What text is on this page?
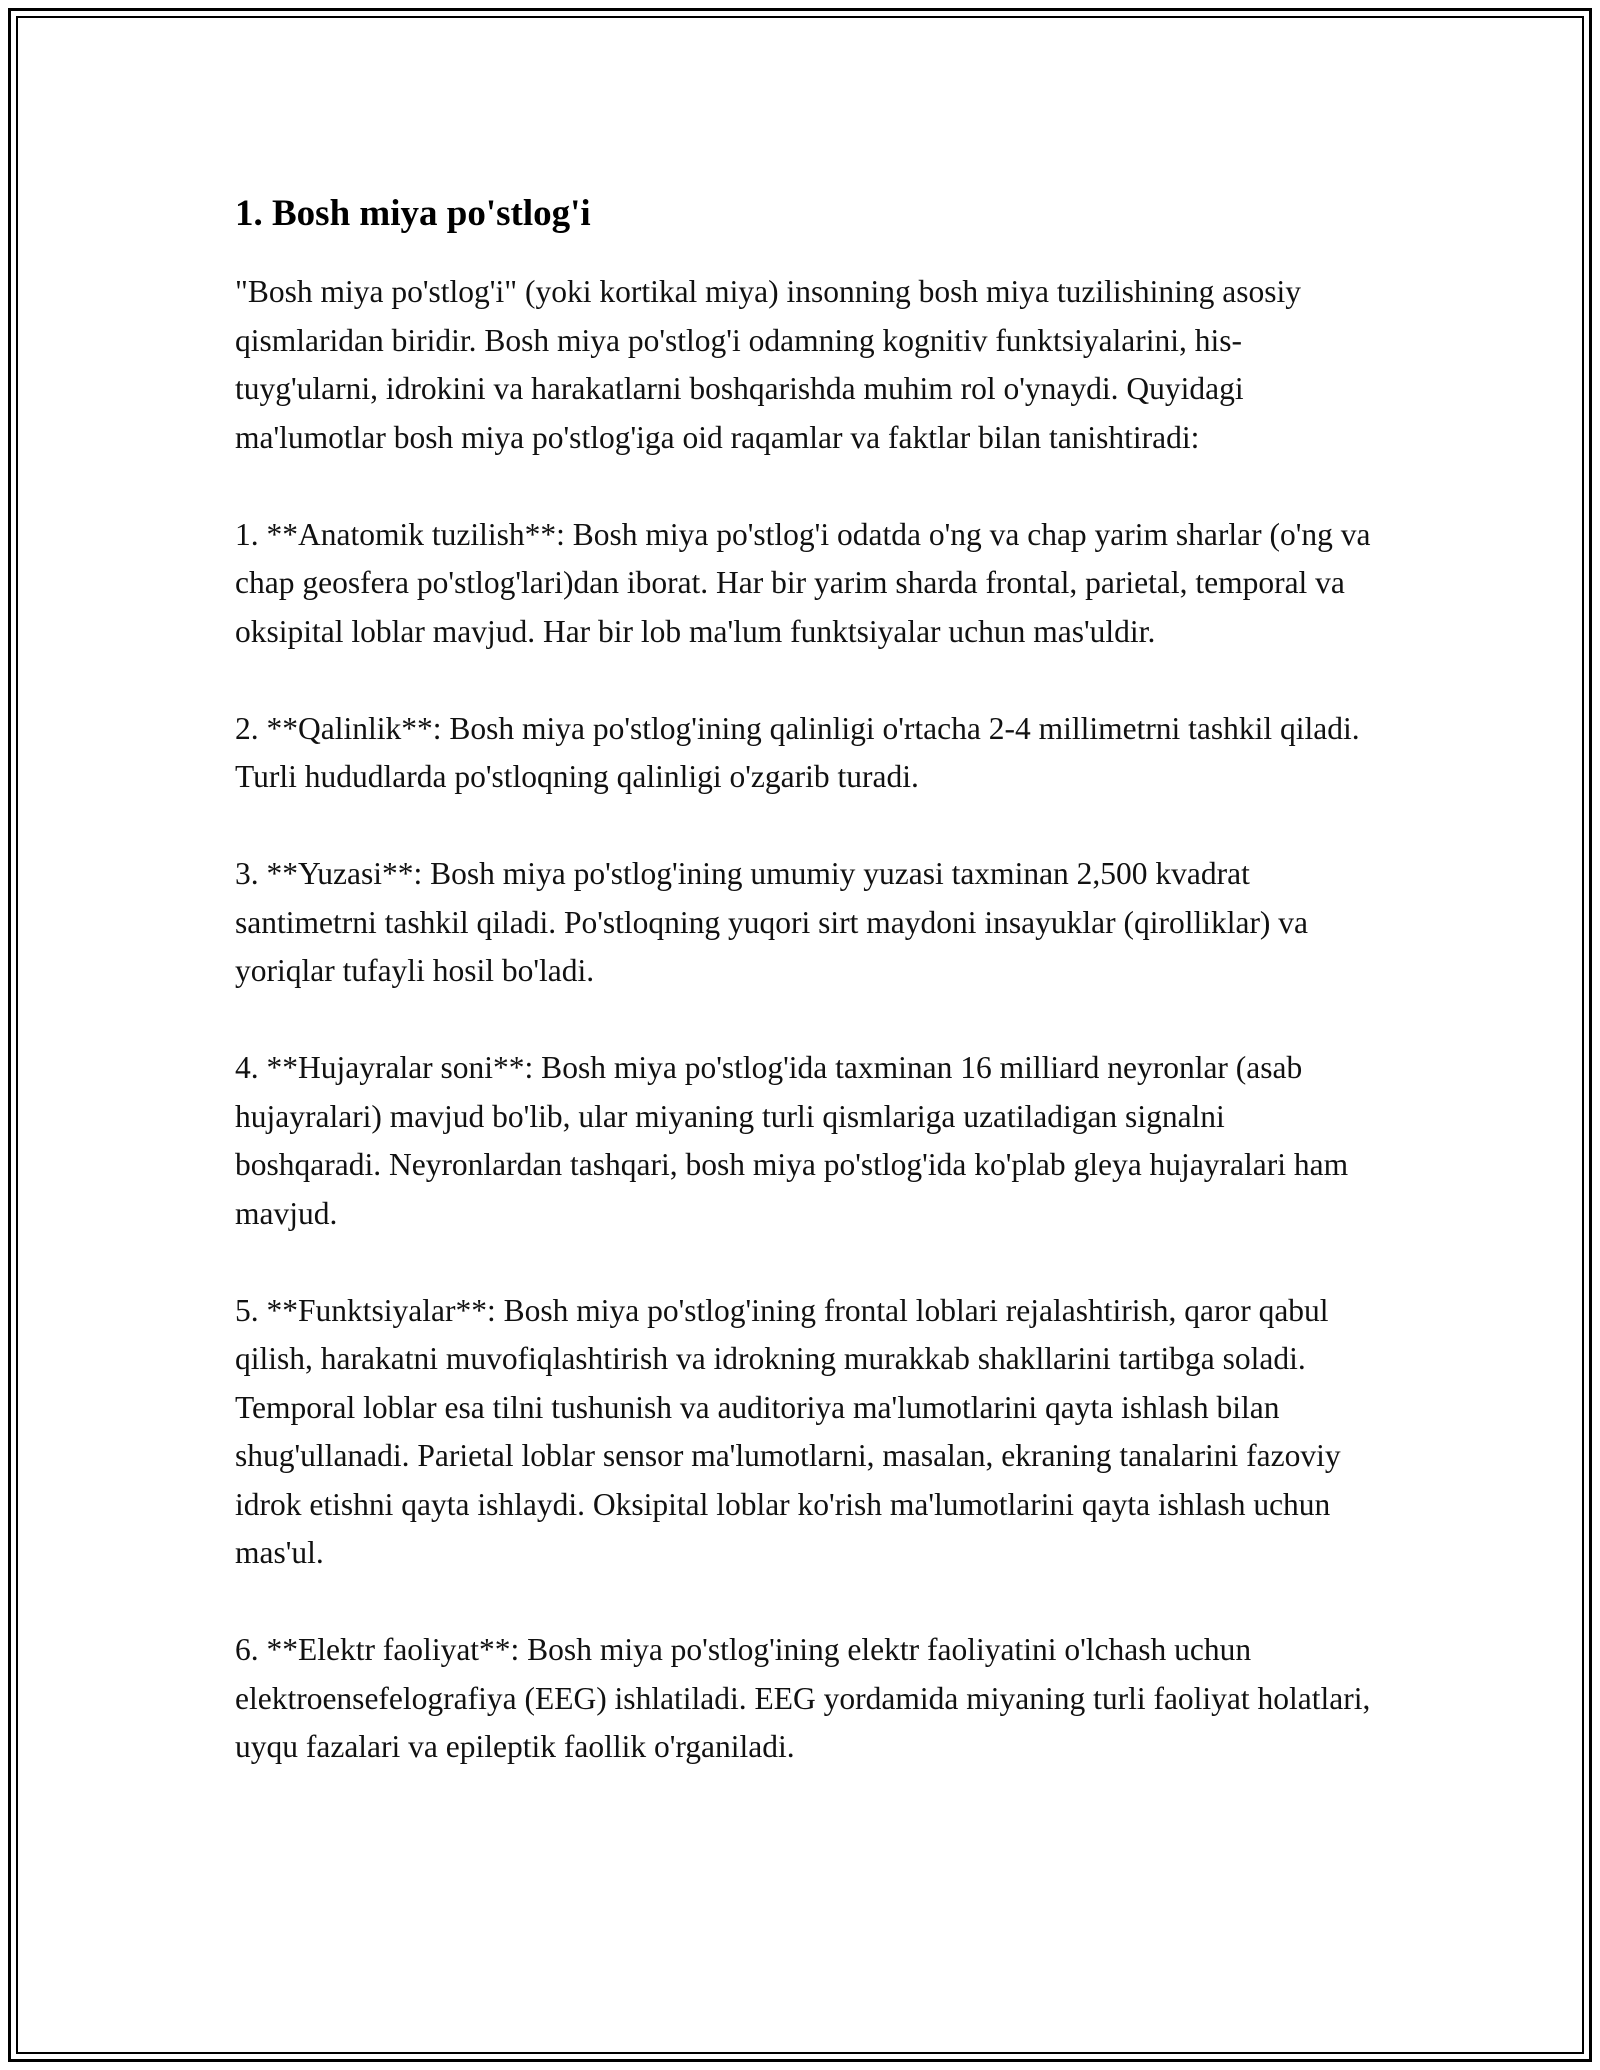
1. Bosh miya po'stlog'i

"Bosh miya po'stlog'i" (yoki kortikal miya) insonning bosh miya tuzilishining asosiy qismlaridan biridir. Bosh miya po'stlog'i odamning kognitiv funktsiyalarini, his-tuyg'ularni, idrokini va harakatlarni boshqarishda muhim rol o'ynaydi. Quyidagi ma'lumotlar bosh miya po'stlog'iga oid raqamlar va faktlar bilan tanishtiradi:

1. **Anatomik tuzilish**: Bosh miya po'stlog'i odatda o'ng va chap yarim sharlar (o'ng va chap geosfera po'stlog'lari)dan iborat. Har bir yarim sharda frontal, parietal, temporal va oksipital loblar mavjud. Har bir lob ma'lum funktsiyalar uchun mas'uldir.

2. **Qalinlik**: Bosh miya po'stlog'ining qalinligi o'rtacha 2-4 millimetrni tashkil qiladi. Turli hududlarda po'stloqning qalinligi o'zgarib turadi.

3. **Yuzasi**: Bosh miya po'stlog'ining umumiy yuzasi taxminan 2,500 kvadrat santimetrni tashkil qiladi. Po'stloqning yuqori sirt maydoni insayuklar (qirolliklar) va yoriqlar tufayli hosil bo'ladi.

4. **Hujayralar soni**: Bosh miya po'stlog'ida taxminan 16 milliard neyronlar (asab hujayralari) mavjud bo'lib, ular miyaning turli qismlariga uzatiladigan signalni boshqaradi. Neyronlardan tashqari, bosh miya po'stlog'ida ko'plab gleya hujayralari ham mavjud.

5. **Funktsiyalar**: Bosh miya po'stlog'ining frontal loblari rejalashtirish, qaror qabul qilish, harakatni muvofiqlashtirish va idrokning murakkab shakllarini tartibga soladi. Temporal loblar esa tilni tushunish va auditoriya ma'lumotlarini qayta ishlash bilan shug'ullanadi. Parietal loblar sensor ma'lumotlarni, masalan, ekraning tanalarini fazoviy idrok etishni qayta ishlaydi. Oksipital loblar ko'rish ma'lumotlarini qayta ishlash uchun mas'ul.

6. **Elektr faoliyat**: Bosh miya po'stlog'ining elektr faoliyatini o'lchash uchun elektroensefelografiya (EEG) ishlatiladi. EEG yordamida miyaning turli faoliyat holatlari, uyqu fazalari va epileptik faollik o'rganiladi.
